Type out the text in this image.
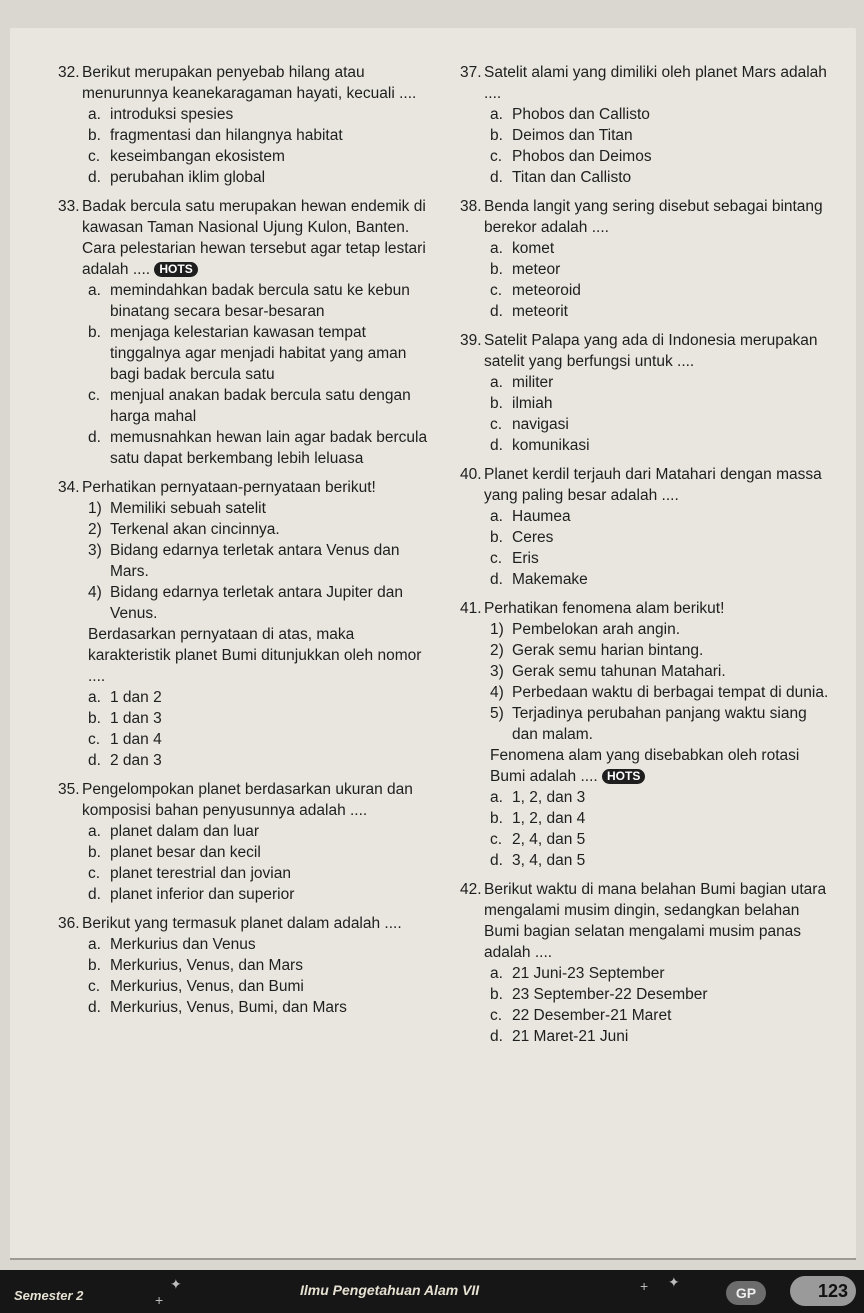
32. Berikut merupakan penyebab hilang atau menurunnya keanekaragaman hayati, kecuali ....
a. introduksi spesies
b. fragmentasi dan hilangnya habitat
c. keseimbangan ekosistem
d. perubahan iklim global
33. Badak bercula satu merupakan hewan endemik di kawasan Taman Nasional Ujung Kulon, Banten. Cara pelestarian hewan tersebut agar tetap lestari adalah .... HOTS
a. memindahkan badak bercula satu ke kebun binatang secara besar-besaran
b. menjaga kelestarian kawasan tempat tinggalnya agar menjadi habitat yang aman bagi badak bercula satu
c. menjual anakan badak bercula satu dengan harga mahal
d. memusnahkan hewan lain agar badak bercula satu dapat berkembang lebih leluasa
34. Perhatikan pernyataan-pernyataan berikut!
1) Memiliki sebuah satelit
2) Terkenal akan cincinnya.
3) Bidang edarnya terletak antara Venus dan Mars.
4) Bidang edarnya terletak antara Jupiter dan Venus.
Berdasarkan pernyataan di atas, maka karakteristik planet Bumi ditunjukkan oleh nomor ....
a. 1 dan 2
b. 1 dan 3
c. 1 dan 4
d. 2 dan 3
35. Pengelompokan planet berdasarkan ukuran dan komposisi bahan penyusunnya adalah ....
a. planet dalam dan luar
b. planet besar dan kecil
c. planet terestrial dan jovian
d. planet inferior dan superior
36. Berikut yang termasuk planet dalam adalah ....
a. Merkurius dan Venus
b. Merkurius, Venus, dan Mars
c. Merkurius, Venus, dan Bumi
d. Merkurius, Venus, Bumi, dan Mars
37. Satelit alami yang dimiliki oleh planet Mars adalah ....
a. Phobos dan Callisto
b. Deimos dan Titan
c. Phobos dan Deimos
d. Titan dan Callisto
38. Benda langit yang sering disebut sebagai bintang berekor adalah ....
a. komet
b. meteor
c. meteoroid
d. meteorit
39. Satelit Palapa yang ada di Indonesia merupakan satelit yang berfungsi untuk ....
a. militer
b. ilmiah
c. navigasi
d. komunikasi
40. Planet kerdil terjauh dari Matahari dengan massa yang paling besar adalah ....
a. Haumea
b. Ceres
c. Eris
d. Makemake
41. Perhatikan fenomena alam berikut!
1) Pembelokan arah angin.
2) Gerak semu harian bintang.
3) Gerak semu tahunan Matahari.
4) Perbedaan waktu di berbagai tempat di dunia.
5) Terjadinya perubahan panjang waktu siang dan malam.
Fenomena alam yang disebabkan oleh rotasi Bumi adalah .... HOTS
a. 1, 2, dan 3
b. 1, 2, dan 4
c. 2, 4, dan 5
d. 3, 4, dan 5
42. Berikut waktu di mana belahan Bumi bagian utara mengalami musim dingin, sedangkan belahan Bumi bagian selatan mengalami musim panas adalah ....
a. 21 Juni-23 September
b. 23 September-22 Desember
c. 22 Desember-21 Maret
d. 21 Maret-21 Juni
Semester 2
✦
+
Ilmu Pengetahuan Alam VII	+ ✦
GP	123
